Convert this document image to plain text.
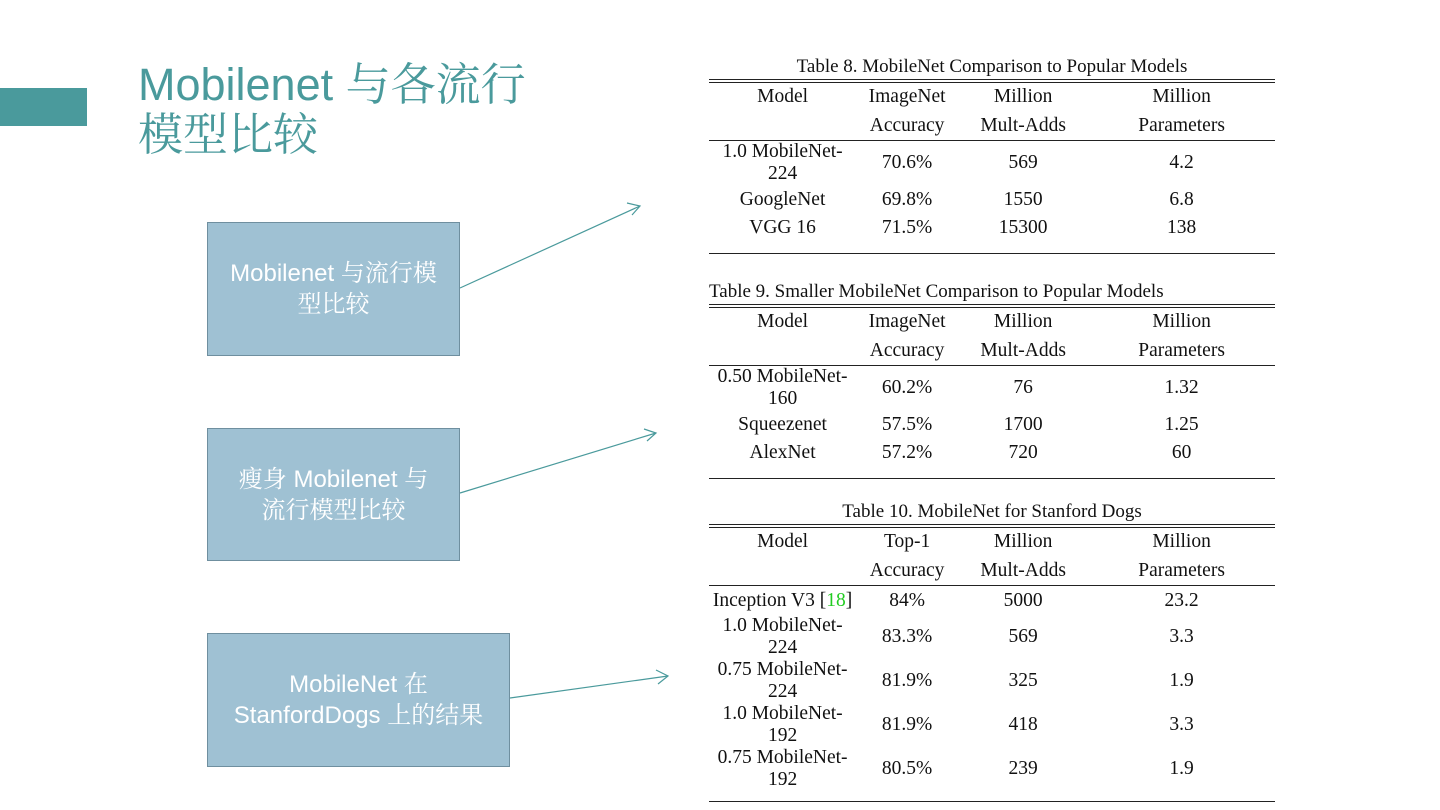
Mobilenet 与各流行
模型比较
Mobilenet 与流行模
型比较
瘦身 Mobilenet 与
流行模型比较
MobileNet 在
StanfordDogs 上的结果
Table 8. MobileNet Comparison to Popular Models
Model	ImageNet	Million	Million
	Accuracy	Mult-Adds	Parameters
1.0 MobileNet-224	70.6%	569	4.2
GoogleNet	69.8%	1550	6.8
VGG 16	71.5%	15300	138
Table 9. Smaller MobileNet Comparison to Popular Models
Model	ImageNet	Million	Million
	Accuracy	Mult-Adds	Parameters
0.50 MobileNet-160	60.2%	76	1.32
Squeezenet	57.5%	1700	1.25
AlexNet	57.2%	720	60
Table 10. MobileNet for Stanford Dogs
Model	Top-1	Million	Million
	Accuracy	Mult-Adds	Parameters
Inception V3 [18]	84%	5000	23.2
1.0 MobileNet-224	83.3%	569	3.3
0.75 MobileNet-224	81.9%	325	1.9
1.0 MobileNet-192	81.9%	418	3.3
0.75 MobileNet-192	80.5%	239	1.9
